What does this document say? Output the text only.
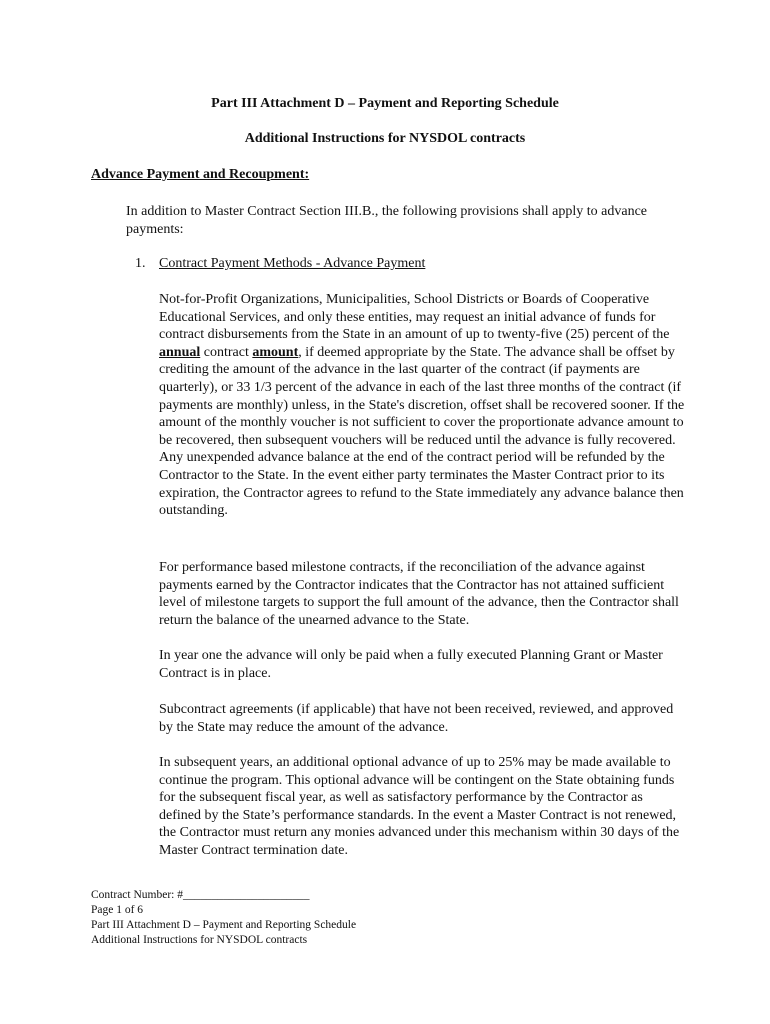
Part III Attachment D – Payment and Reporting Schedule
Additional Instructions for NYSDOL contracts
Advance Payment and Recoupment:
In addition to Master Contract Section III.B., the following provisions shall apply to advance payments:
1. Contract Payment Methods - Advance Payment

Not-for-Profit Organizations, Municipalities, School Districts or Boards of Cooperative Educational Services, and only these entities, may request an initial advance of funds for contract disbursements from the State in an amount of up to twenty-five (25) percent of the annual contract amount, if deemed appropriate by the State. The advance shall be offset by crediting the amount of the advance in the last quarter of the contract (if payments are quarterly), or 33 1/3 percent of the advance in each of the last three months of the contract (if payments are monthly) unless, in the State's discretion, offset shall be recovered sooner. If the amount of the monthly voucher is not sufficient to cover the proportionate advance amount to be recovered, then subsequent vouchers will be reduced until the advance is fully recovered. Any unexpended advance balance at the end of the contract period will be refunded by the Contractor to the State. In the event either party terminates the Master Contract prior to its expiration, the Contractor agrees to refund to the State immediately any advance balance then outstanding.

For performance based milestone contracts, if the reconciliation of the advance against payments earned by the Contractor indicates that the Contractor has not attained sufficient level of milestone targets to support the full amount of the advance, then the Contractor shall return the balance of the unearned advance to the State.

In year one the advance will only be paid when a fully executed Planning Grant or Master Contract is in place.

Subcontract agreements (if applicable) that have not been received, reviewed, and approved by the State may reduce the amount of the advance.

In subsequent years, an additional optional advance of up to 25% may be made available to continue the program. This optional advance will be contingent on the State obtaining funds for the subsequent fiscal year, as well as satisfactory performance by the Contractor as defined by the State’s performance standards. In the event a Master Contract is not renewed, the Contractor must return any monies advanced under this mechanism within 30 days of the Master Contract termination date.

Contract Number: #______________________
Page 1 of 6
Part III Attachment D – Payment and Reporting Schedule
Additional Instructions for NYSDOL contracts
